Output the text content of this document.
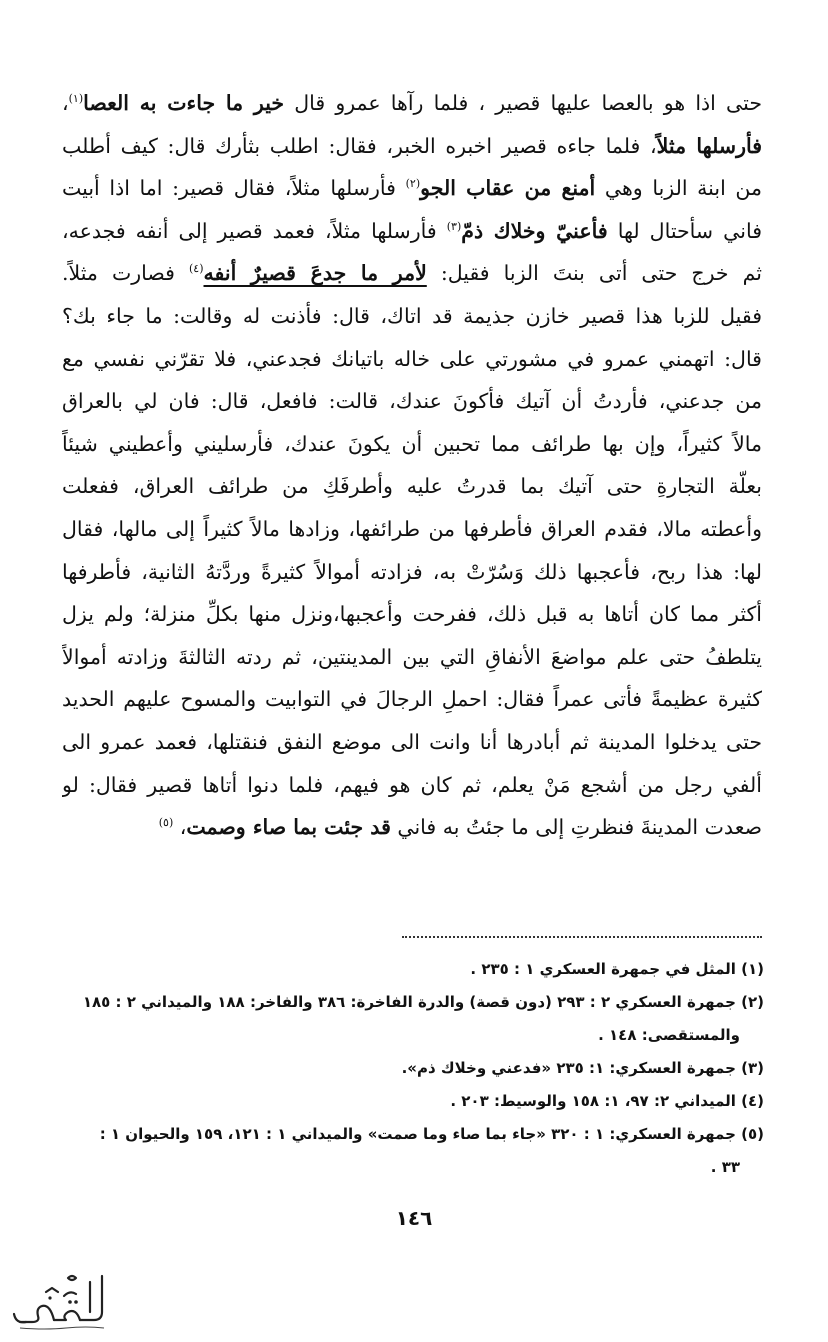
حتى اذا هو بالعصا عليها قصير ، فلما رآها عمرو قال خير ما جاءت به العصا$^{(١)}$،
فأرسلها مثلاً، فلما جاءه قصير اخبره الخبر، فقال: اطلب بثأرك قال: كيف أطلب
من ابنة الزبا وهي أمنع من عقاب الجو$^{(٢)}$ فأرسلها مثلاً، فقال قصير: اما اذا أبيت
فاني سأحتال لها فأعنيّ وخلاك ذمّ$^{(٣)}$ فأرسلها مثلاً، فعمد قصير إلى أنفه فجدعه،
ثم خرج حتى أتى بنتَ الزبا فقيل: لأمر ما جدعَ قصيرٌ أنفه$^{(٤)}$ فصارت مثلاً.
فقيل للزبا هذا قصير خازن جذيمة قد اتاك، قال: فأذنت له وقالت: ما جاء بك؟
قال: اتهمني عمرو في مشورتي على خاله باتيانك فجدعني، فلا تقرّني نفسي مع
من جدعني، فأردتُ أن آتيك فأكونَ عندك، قالت: فافعل، قال: فان لي بالعراق
مالاً كثيراً، وإن بها طرائف مما تحبين أن يكونَ عندك، فأرسليني وأعطيني شيئاً
بعلّة التجارةِ حتى آتيك بما قدرتُ عليه وأطرفَكِ من طرائف العراق، ففعلت
وأعطته مالا، فقدم العراق فأطرفها من طرائفها، وزادها مالاً كثيراً إلى مالها، فقال
لها: هذا ربح، فأعجبها ذلك وَسُرّتْ به، فزادته أموالاً كثيرةً وردَّتهُ الثانية، فأطرفها
أكثر مما كان أتاها به قبل ذلك، ففرحت وأعجبها،ونزل منها بكلِّ منزلة؛ ولم يزل
يتلطفُ حتى علم مواضعَ الأنفاقِ التي بين المدينتين، ثم ردته الثالثةَ وزادته أموالاً
كثيرة عظيمةً فأتى عمراً فقال: احملِ الرجالَ في التوابيت والمسوح عليهم الحديد
حتى يدخلوا المدينة ثم أبادرها أنا وانت الى موضع النفق فنقتلها، فعمد عمرو الى
ألفي رجل من أشجع مَنْ يعلم، ثم كان هو فيهم، فلما دنوا أتاها قصير فقال: لو
صعدت المدينةَ فنظرتِ إلى ما جئتُ به فاني قد جئت بما صاء وصمت، $^{(٥)}$
(١) المثل في جمهرة العسكري ١ : ٢٣٥ .
(٢) جمهرة العسكري ٢ : ٢٩٣ (دون قصة) والدرة الفاخرة: ٣٨٦ والفاخر: ١٨٨ والميداني ٢ : ١٨٥
والمستقصى: ١٤٨ .
(٣) جمهرة العسكري: ١: ٢٣٥ «فدعني وخلاك ذم».
(٤) الميداني ٢: ٩٧، ١: ١٥٨ والوسيط: ٢٠٣ .
(٥) جمهرة العسكري: ١ : ٣٢٠ «جاء بما صاء وما صمت» والميداني ١ : ١٢١، ١٥٩ والحيوان ١ :
٣٣ .
١٤٦
